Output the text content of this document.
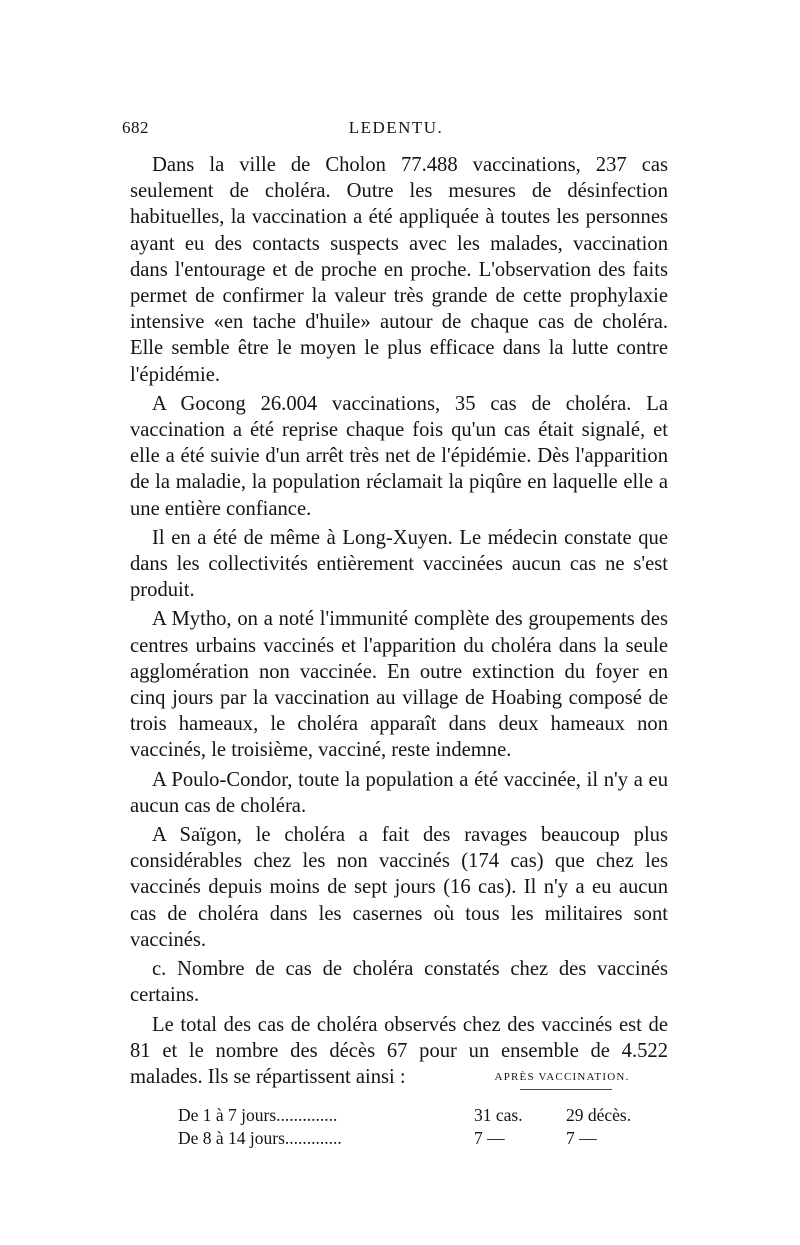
682	LEDENTU.

Dans la ville de Cholon 77.488 vaccinations, 237 cas seulement de choléra. Outre les mesures de désinfection habituelles, la vaccination a été appliquée à toutes les personnes ayant eu des contacts suspects avec les malades, vaccination dans l'entourage et de proche en proche. L'observation des faits permet de confirmer la valeur très grande de cette prophylaxie intensive «en tache d'huile» autour de chaque cas de choléra. Elle semble être le moyen le plus efficace dans la lutte contre l'épidémie.

A Gocong 26.004 vaccinations, 35 cas de choléra. La vaccination a été reprise chaque fois qu'un cas était signalé, et elle a été suivie d'un arrêt très net de l'épidémie. Dès l'apparition de la maladie, la population réclamait la piqûre en laquelle elle a une entière confiance.

Il en a été de même à Long-Xuyen. Le médecin constate que dans les collectivités entièrement vaccinées aucun cas ne s'est produit.

A Mytho, on a noté l'immunité complète des groupements des centres urbains vaccinés et l'apparition du choléra dans la seule agglomération non vaccinée. En outre extinction du foyer en cinq jours par la vaccination au village de Hoabing composé de trois hameaux, le choléra apparaît dans deux hameaux non vaccinés, le troisième, vacciné, reste indemne.

A Poulo-Condor, toute la population a été vaccinée, il n'y a eu aucun cas de choléra.

A Saïgon, le choléra a fait des ravages beaucoup plus considérables chez les non vaccinés (174 cas) que chez les vaccinés depuis moins de sept jours (16 cas). Il n'y a eu aucun cas de choléra dans les casernes où tous les militaires sont vaccinés.

c. Nombre de cas de choléra constatés chez des vaccinés certains.

Le total des cas de choléra observés chez des vaccinés est de 81 et le nombre des décès 67 pour un ensemble de 4.522 malades. Ils se répartissent ainsi :	APRÈS VACCINATION.
De 1 à 7 jours..............	31 cas. 29 décès.
De 8 à 14 jours.............	7 —	7 —
